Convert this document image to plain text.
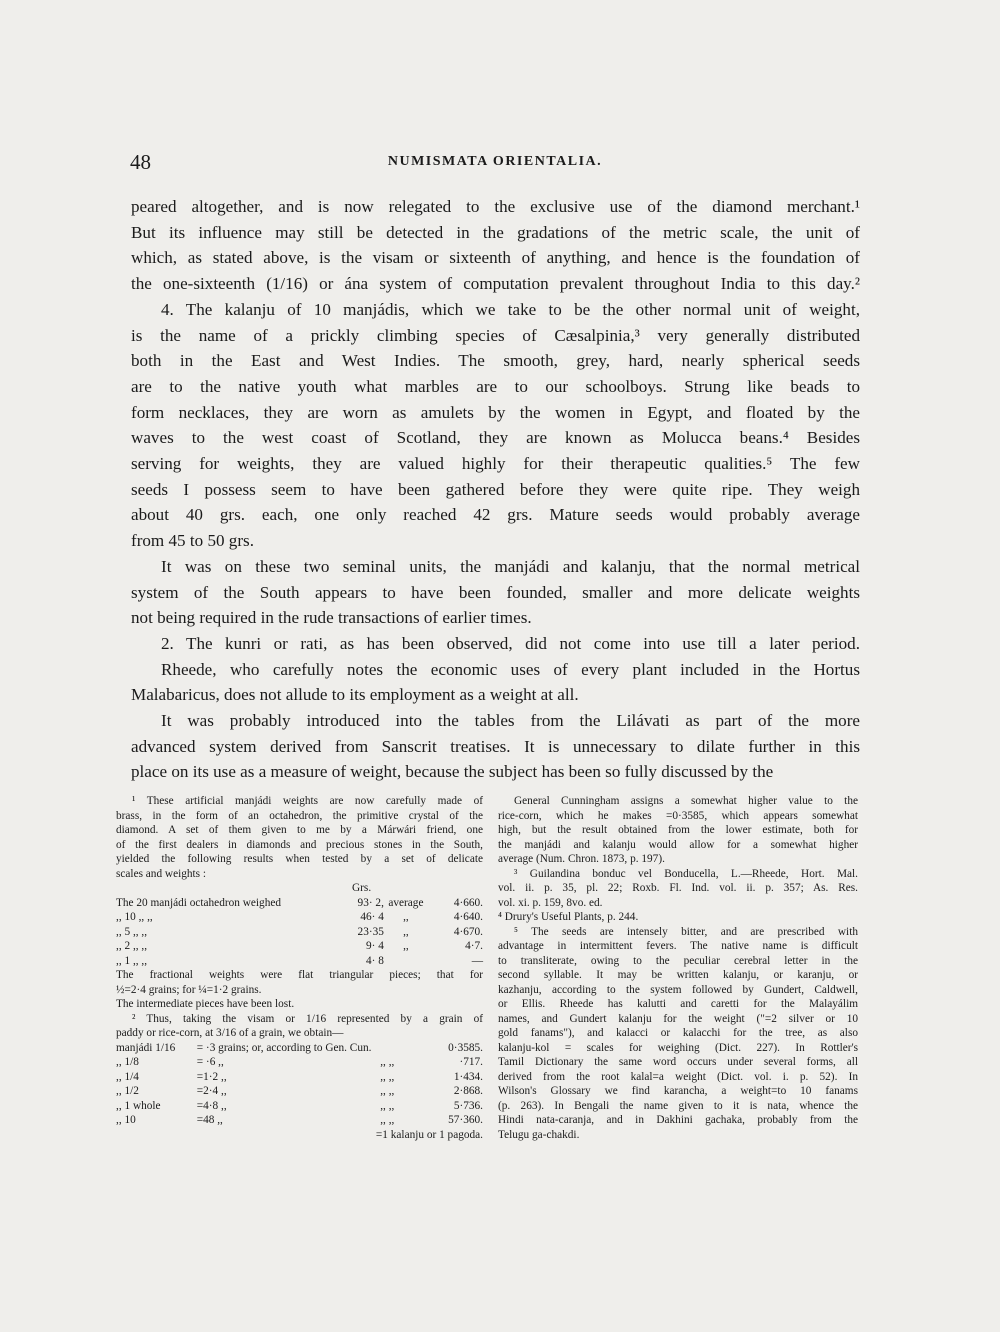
48	NUMISMATA ORIENTALIA.

peared altogether, and is now relegated to the exclusive use of the diamond merchant.¹

But its influence may still be detected in the gradations of the metric scale, the unit of

which, as stated above, is the visam or sixteenth of anything, and hence is the foundation of

the one-sixteenth (1/16) or ána system of computation prevalent throughout India to this day.²

4. The kalanju of 10 manjádis, which we take to be the other normal unit of weight,

is the name of a prickly climbing species of Cæsalpinia,³ very generally distributed

both in the East and West Indies. The smooth, grey, hard, nearly spherical seeds

are to the native youth what marbles are to our schoolboys. Strung like beads to

form necklaces, they are worn as amulets by the women in Egypt, and floated by the

waves to the west coast of Scotland, they are known as Molucca beans.⁴ Besides

serving for weights, they are valued highly for their therapeutic qualities.⁵ The few

seeds I possess seem to have been gathered before they were quite ripe. They weigh

about 40 grs. each, one only reached 42 grs. Mature seeds would probably average

from 45 to 50 grs.

It was on these two seminal units, the manjádi and kalanju, that the normal metrical

system of the South appears to have been founded, smaller and more delicate weights

not being required in the rude transactions of earlier times.

2. The kunri or rati, as has been observed, did not come into use till a later period.

Rheede, who carefully notes the economic uses of every plant included in the Hortus

Malabaricus, does not allude to its employment as a weight at all.

It was probably introduced into the tables from the Lilávati as part of the more

advanced system derived from Sanscrit treatises. It is unnecessary to dilate further in this

place on its use as a measure of weight, because the subject has been so fully discussed by the

¹ These artificial manjádi weights are now carefully made of

brass, in the form of an octahedron, the primitive crystal of the

diamond. A set of them given to me by a Márwári friend, one

of the first dealers in diamonds and precious stones in the South,

yielded the following results when tested by a set of delicate

scales and weights :

Grs.
The 20 manjádi octahedron weighed	93· 2,	average	4·660.
,, 10 ,, ,,	46· 4	,,	4·640.
,, 5 ,, ,,	23·35	,,	4·670.
,, 2 ,, ,,	9· 4	,,	4·7.
,, 1 ,, ,,	4· 8		—

The fractional weights were flat triangular pieces; that for

½=2·4 grains; for ¼=1·2 grains.

The intermediate pieces have been lost.

² Thus, taking the visam or 1/16 represented by a grain of

paddy or rice-corn, at 3/16 of a grain, we obtain—

manjádi 1/16	= ·3 grains; or, according to Gen. Cun.		0·3585.
,, 1/8	= ·6 ,,	,, ,,	·717.
,, 1/4	=1·2 ,,	,, ,,	1·434.
,, 1/2	=2·4 ,,	,, ,,	2·868.
,, 1 whole	=4·8 ,,	,, ,,	5·736.
,, 10	=48 ,,	,, ,,	57·360.
=1 kalanju or 1 pagoda.

General Cunningham assigns a somewhat higher value to the

rice-corn, which he makes =0·3585, which appears somewhat

high, but the result obtained from the lower estimate, both for

the manjádi and kalanju would allow for a somewhat higher

average (Num. Chron. 1873, p. 197).

³ Guilandina bonduc vel Bonducella, L.—Rheede, Hort. Mal.

vol. ii. p. 35, pl. 22; Roxb. Fl. Ind. vol. ii. p. 357; As. Res.

vol. xi. p. 159, 8vo. ed.

⁴ Drury's Useful Plants, p. 244.

⁵ The seeds are intensely bitter, and are prescribed with

advantage in intermittent fevers. The native name is difficult

to transliterate, owing to the peculiar cerebral letter in the

second syllable. It may be written kalanju, or karanju, or

kazhanju, according to the system followed by Gundert, Caldwell,

or Ellis. Rheede has kalutti and caretti for the Malayálim

names, and Gundert kalanju for the weight ("=2 silver or 10

gold fanams"), and kalacci or kalacchi for the tree, as also

kalanju-kol = scales for weighing (Dict. 227). In Rottler's

Tamil Dictionary the same word occurs under several forms, all

derived from the root kalal=a weight (Dict. vol. i. p. 52). In

Wilson's Glossary we find karancha, a weight=to 10 fanams

(p. 263). In Bengali the name given to it is nata, whence the

Hindi nata-caranja, and in Dakhini gachaka, probably from the

Telugu ga-chakdi.
